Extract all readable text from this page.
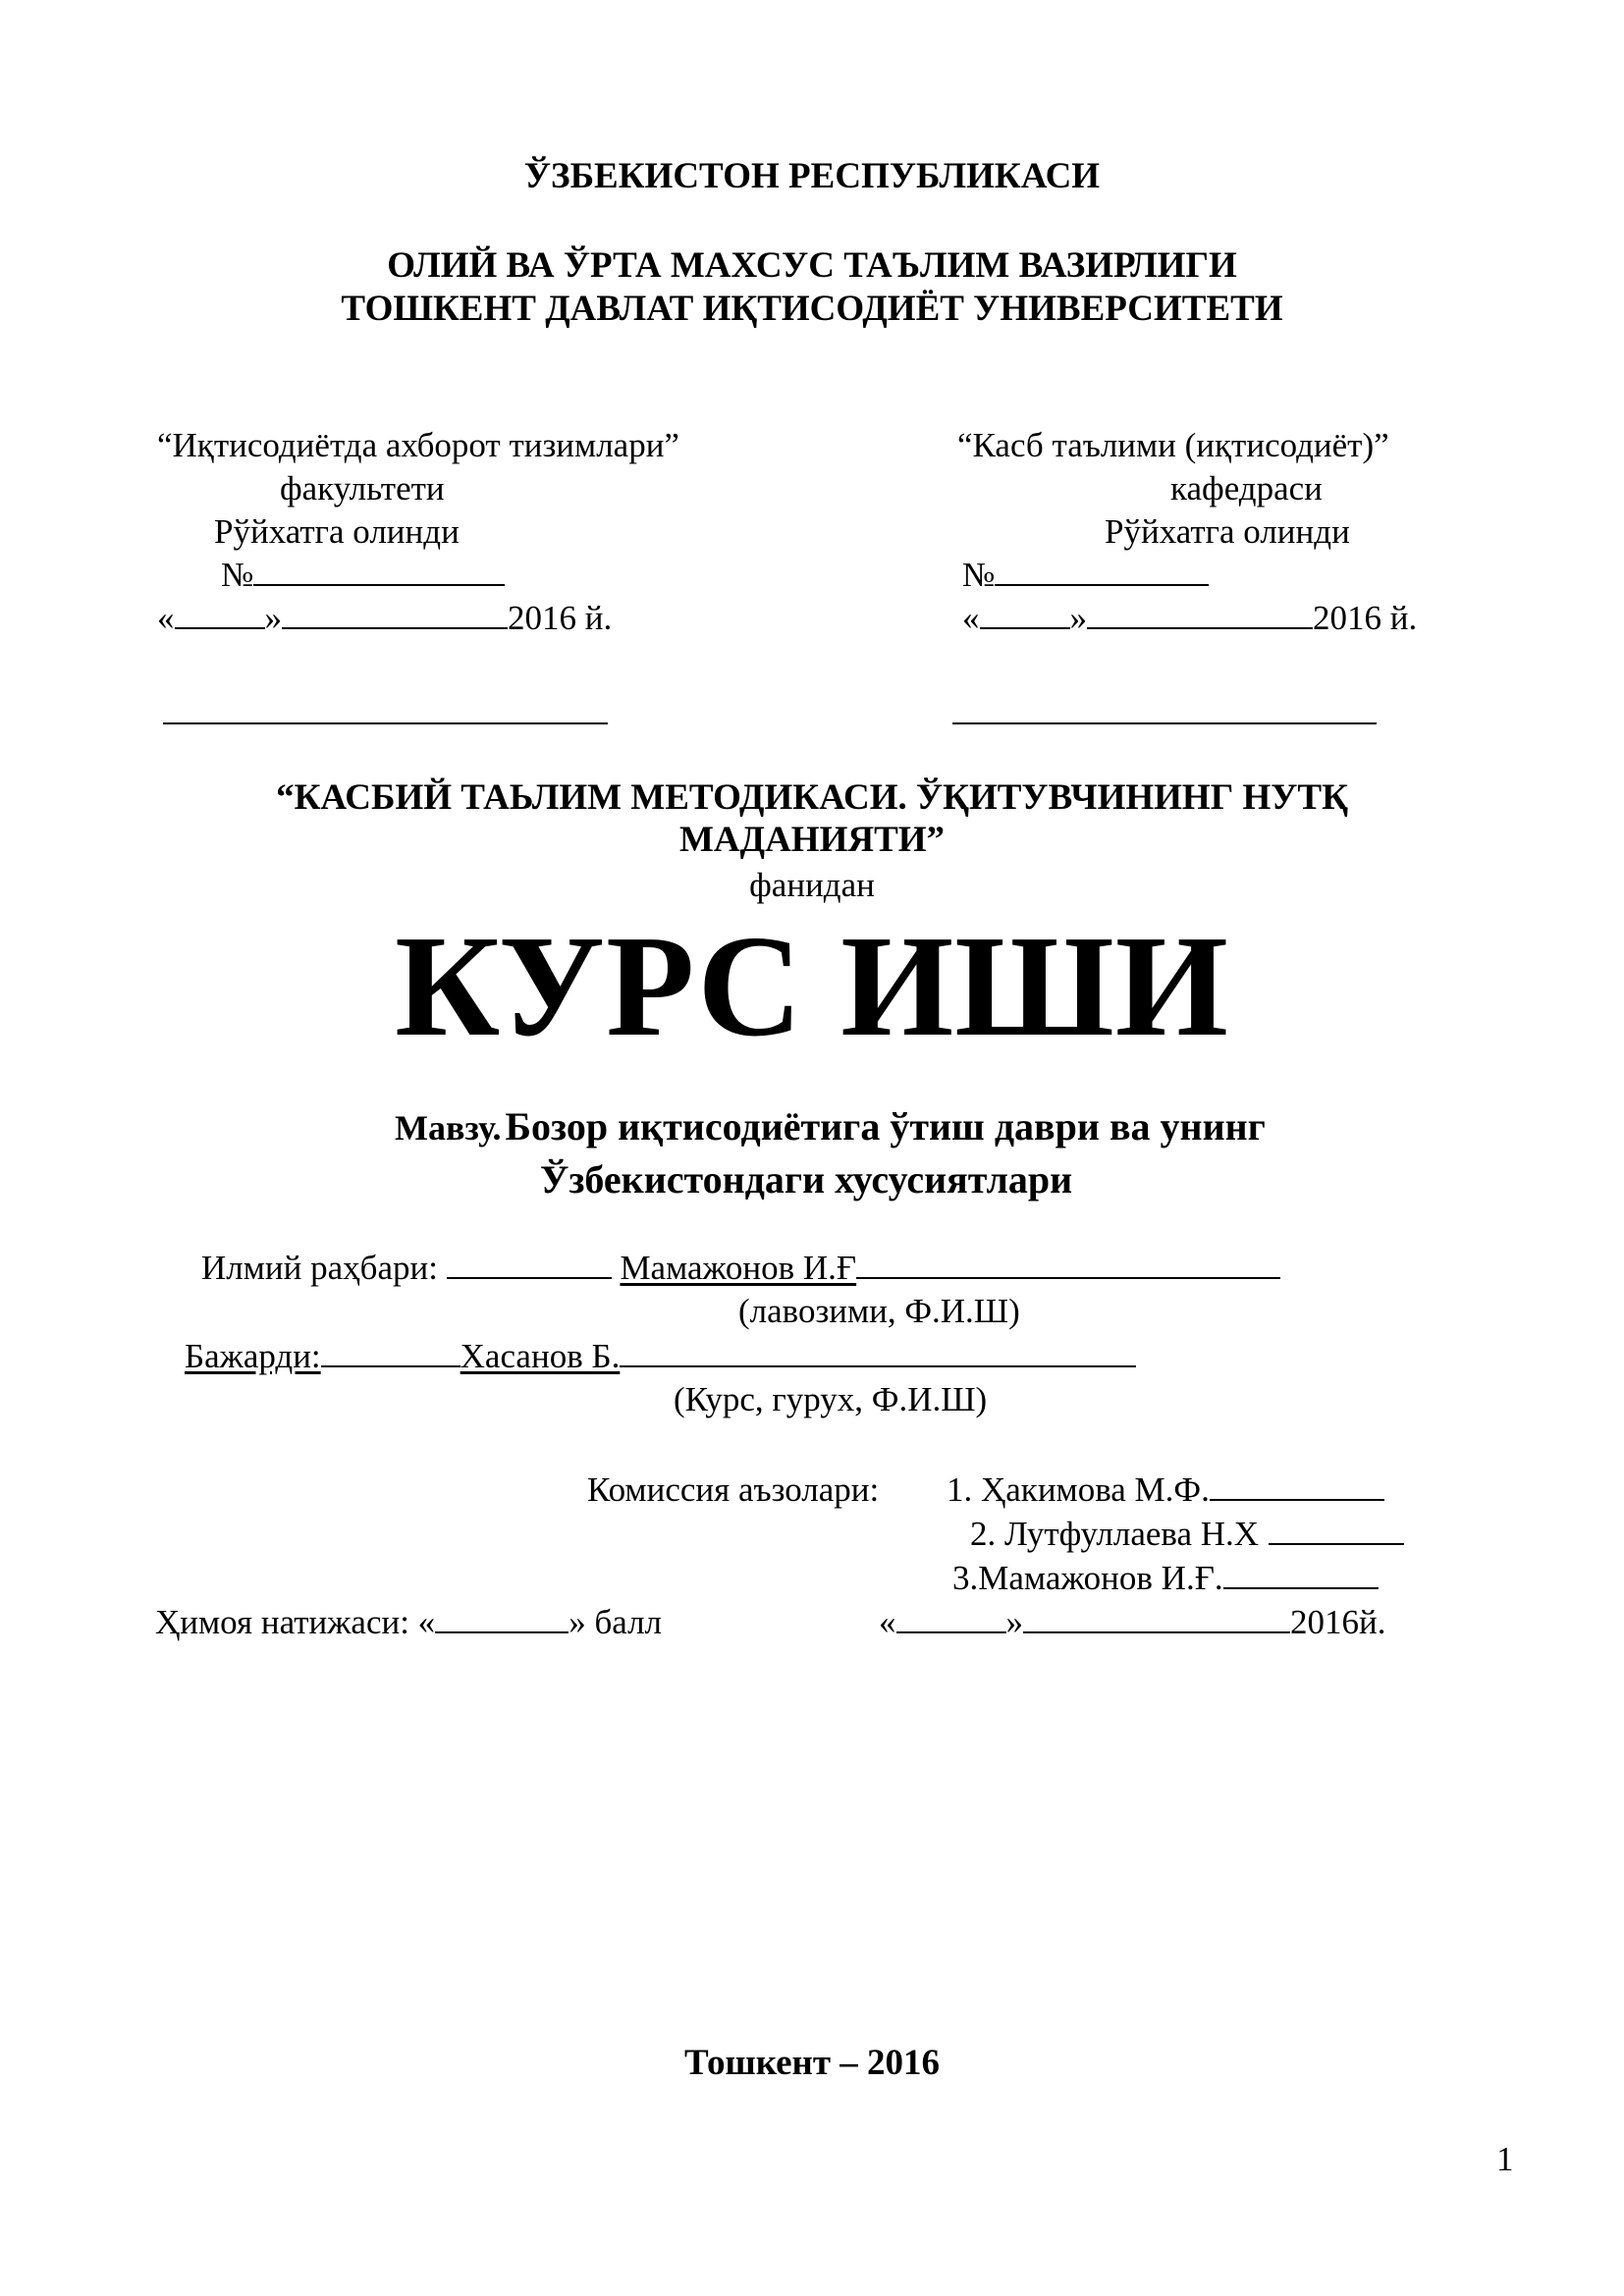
ЎЗБЕКИСТОН РЕСПУБЛИКАСИ
ОЛИЙ ВА ЎРТА МАХСУС ТАЪЛИМ ВАЗИРЛИГИ
ТОШКЕНТ ДАВЛАТ ИҚТИСОДИЁТ УНИВЕРСИТЕТИ
“Иқтисодиётда ахборот тизимлари”
факультети
Рўйхатга олинди
№
«	»	2016 й.
“Касб таълими (иқтисодиёт)”
кафедраси
Рўйхатга олинди
№
«	»	2016 й.
“КАСБИЙ ТАЬЛИМ МЕТОДИКАСИ. ЎҚИТУВЧИНИНГ НУТҚ
МАДАНИЯТИ”
фанидан
КУРС ИШИ
Мавзу. Бозор иқтисодиётига ўтиш даври ва унинг
Ўзбекистондаги хусусиятлари
Илмий раҳбари:	Мамажонов И.Ғ
(лавозими, Ф.И.Ш)
Бажарди:	Хасанов Б.
(Курс, гурух, Ф.И.Ш)
Комиссия аъзолари: 1. Ҳакимова М.Ф.
2. Лутфуллаева Н.Х
3.Мамажонов И.Ғ.
Ҳимоя натижаси: «	» балл	«	»	2016й.
Тошкент – 2016
1
